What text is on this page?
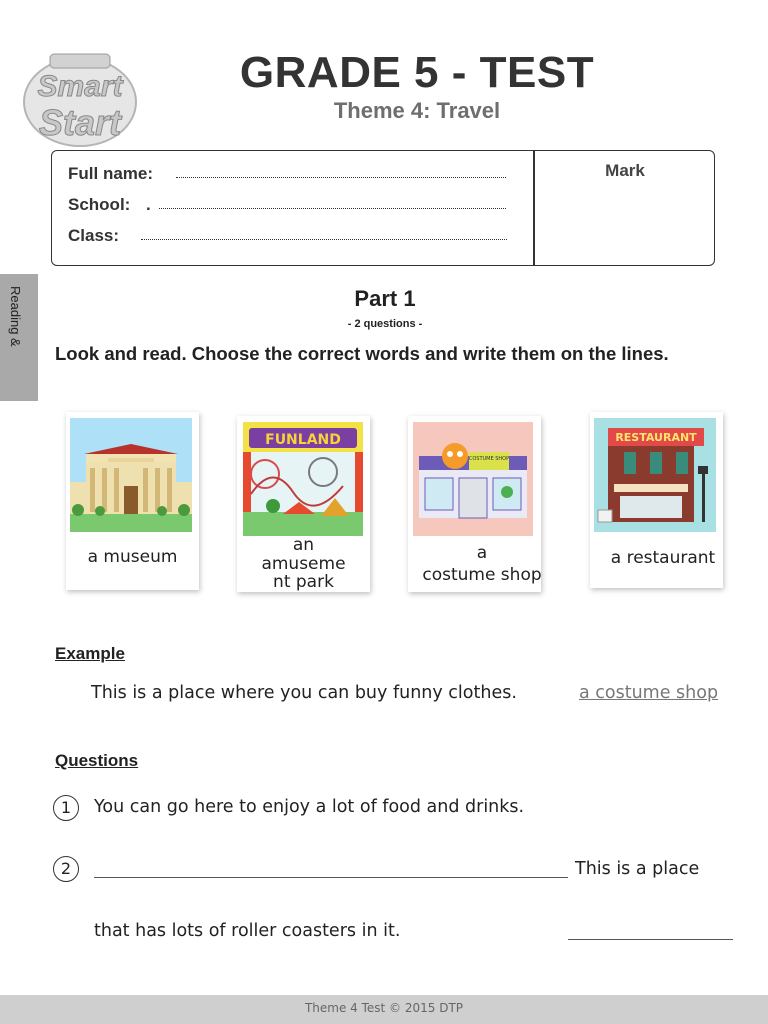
Smart
Start
GRADE 5 - TEST
Theme 4: Travel
Full name:
School: .
Class:
Mark
Reading &	Part 1
- 2 questions -
Look and read. Choose the correct words and write them on the lines.
a museum
FUNLAND
an
amuseme
nt park
COSTUME SHOP
a
costume shop
RESTAURANT
a restaurant
Example
This is a place where you can buy funny clothes.	a costume shop
Questions
1	You can go here to enjoy a lot of food and drinks.
2	This is a place
that has lots of roller coasters in it.
Theme 4 Test © 2015 DTP
